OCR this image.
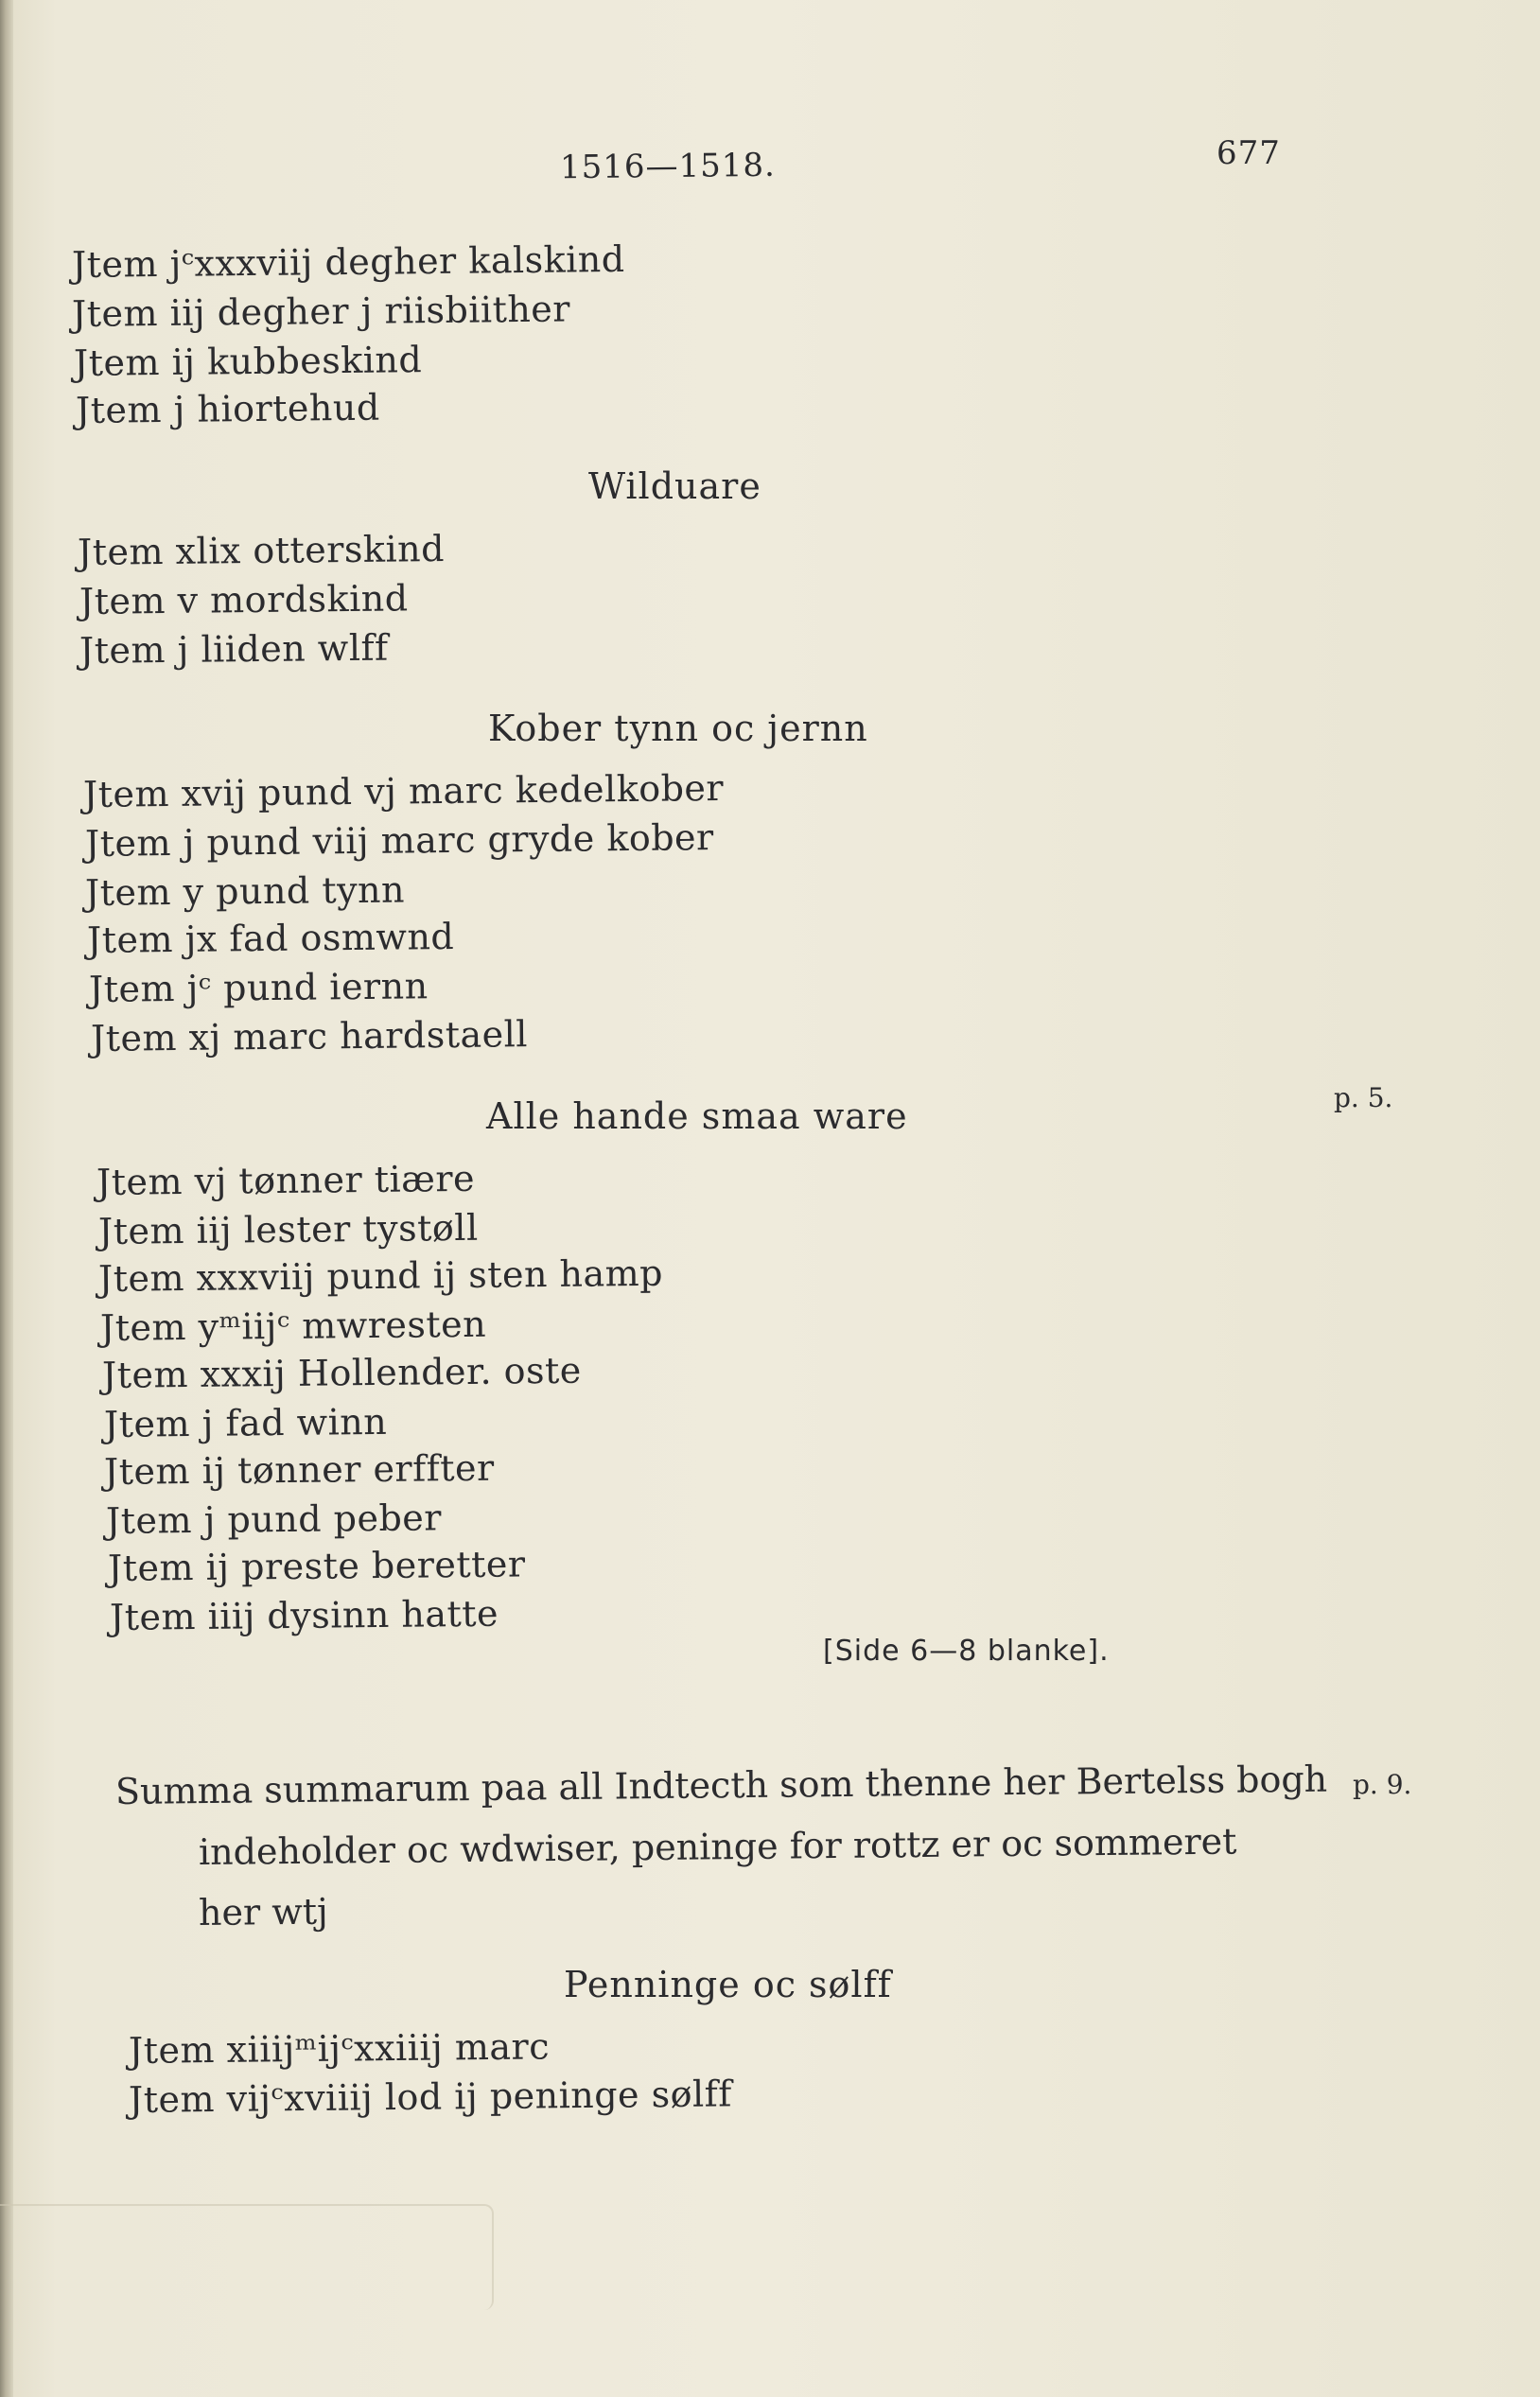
1516—1518.	677
Jtem jᶜxxxviij degher kalskind
Jtem iij degher j riisbiither
Jtem ij kubbeskind
Jtem j hiortehud
Wilduare
Jtem xlix otterskind
Jtem v mordskind
Jtem j liiden wlff
Kober tynn oc jernn
Jtem xvij pund vj marc kedelkober
Jtem j pund viij marc gryde kober
Jtem y pund tynn
Jtem jx fad osmwnd
Jtem jᶜ pund iernn
Jtem xj marc hardstaell
Alle hande smaa ware	p. 5.
Jtem vj tønner tiære
Jtem iij lester tystøll
Jtem xxxviij pund ij sten hamp
Jtem yᵐiijᶜ mwresten
Jtem xxxij Hollender. oste
Jtem j fad winn
Jtem ij tønner erffter
Jtem j pund peber
Jtem ij preste beretter
Jtem iiij dysinn hatte
[Side 6—8 blanke].
Summa summarum paa all Indtecth som thenne her Bertelss bogh
indeholder oc wdwiser, peninge for rottz er oc sommeret
her wtj
p. 9.
Penninge oc sølff
Jtem xiiijᵐijᶜxxiiij marc
Jtem vijᶜxviiij lod ij peninge sølff
